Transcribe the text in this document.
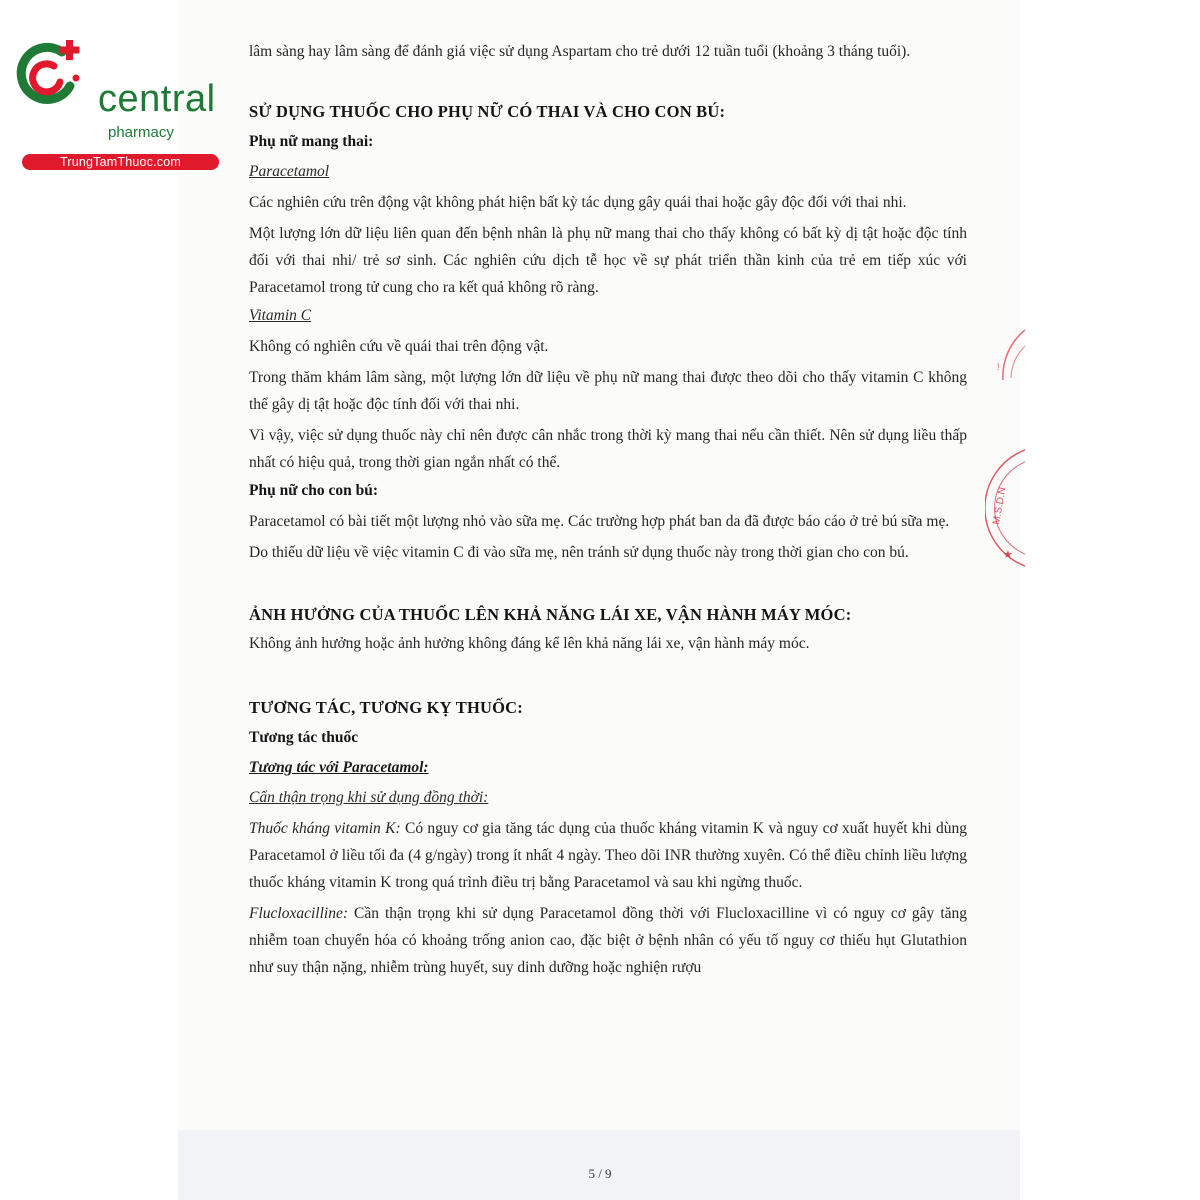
central
pharmacy
TrungTamThuoc.com
!
M.S.D.N
★

lâm sàng hay lâm sàng để đánh giá việc sử dụng Aspartam cho trẻ dưới 12 tuần tuổi (khoảng 3 tháng tuổi).

SỬ DỤNG THUỐC CHO PHỤ NỮ CÓ THAI VÀ CHO CON BÚ:
Phụ nữ mang thai:

Paracetamol

Các nghiên cứu trên động vật không phát hiện bất kỳ tác dụng gây quái thai hoặc gây độc đối với thai nhi.

Một lượng lớn dữ liệu liên quan đến bệnh nhân là phụ nữ mang thai cho thấy không có bất kỳ dị tật hoặc độc tính đối với thai nhi/ trẻ sơ sinh. Các nghiên cứu dịch tễ học về sự phát triển thần kinh của trẻ em tiếp xúc với Paracetamol trong tử cung cho ra kết quả không rõ ràng.

Vitamin C

Không có nghiên cứu về quái thai trên động vật.

Trong thăm khám lâm sàng, một lượng lớn dữ liệu về phụ nữ mang thai được theo dõi cho thấy vitamin C không thể gây dị tật hoặc độc tính đối với thai nhi.

Vì vậy, việc sử dụng thuốc này chỉ nên được cân nhắc trong thời kỳ mang thai nếu cần thiết. Nên sử dụng liều thấp nhất có hiệu quả, trong thời gian ngắn nhất có thể.

Phụ nữ cho con bú:

Paracetamol có bài tiết một lượng nhỏ vào sữa mẹ. Các trường hợp phát ban da đã được báo cáo ở trẻ bú sữa mẹ.

Do thiếu dữ liệu về việc vitamin C đi vào sữa mẹ, nên tránh sử dụng thuốc này trong thời gian cho con bú.

ẢNH HƯỞNG CỦA THUỐC LÊN KHẢ NĂNG LÁI XE, VẬN HÀNH MÁY MÓC:

Không ảnh hưởng hoặc ảnh hưởng không đáng kể lên khả năng lái xe, vận hành máy móc.

TƯƠNG TÁC, TƯƠNG KỴ THUỐC:
Tương tác thuốc

Tương tác với Paracetamol:

Cẩn thận trọng khi sử dụng đồng thời:

Thuốc kháng vitamin K: Có nguy cơ gia tăng tác dụng của thuốc kháng vitamin K và nguy cơ xuất huyết khi dùng Paracetamol ở liều tối đa (4 g/ngày) trong ít nhất 4 ngày. Theo dõi INR thường xuyên. Có thể điều chỉnh liều lượng thuốc kháng vitamin K trong quá trình điều trị bằng Paracetamol và sau khi ngừng thuốc.

Flucloxacilline: Cần thận trọng khi sử dụng Paracetamol đồng thời với Flucloxacilline vì có nguy cơ gây tăng nhiễm toan chuyển hóa có khoảng trống anion cao, đặc biệt ở bệnh nhân có yếu tố nguy cơ thiếu hụt Glutathion như suy thận nặng, nhiễm trùng huyết, suy dinh dưỡng hoặc nghiện rượu

5 / 9
